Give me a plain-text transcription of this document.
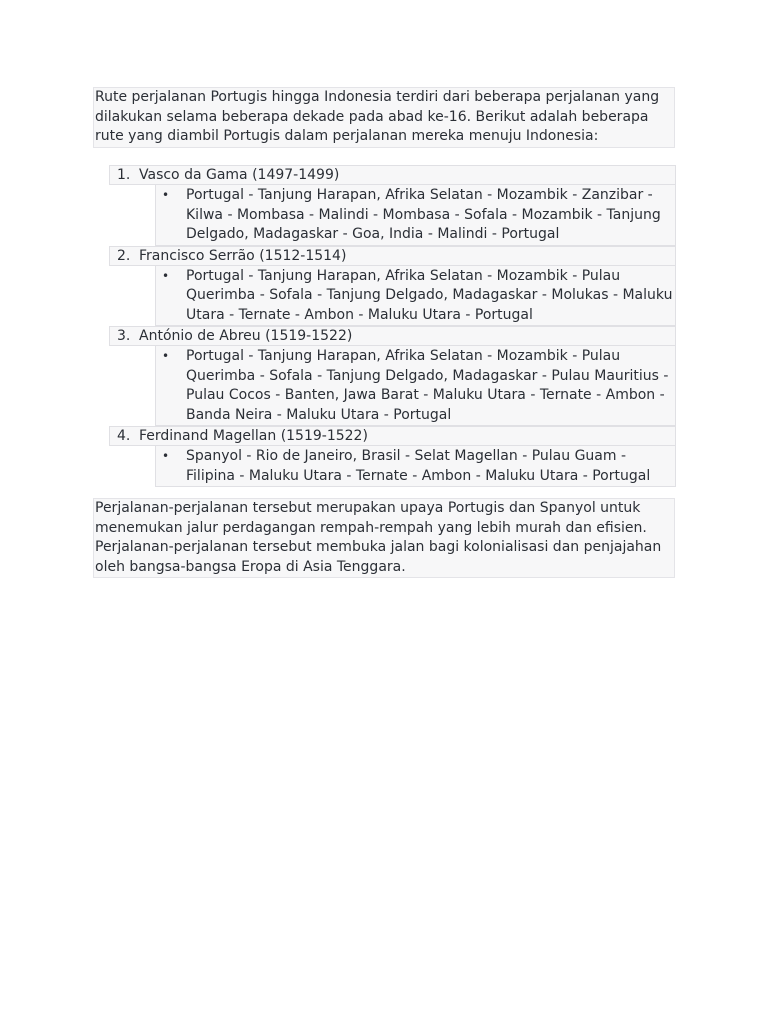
Rute perjalanan Portugis hingga Indonesia terdiri dari beberapa perjalanan yang dilakukan selama beberapa dekade pada abad ke-16. Berikut adalah beberapa rute yang diambil Portugis dalam perjalanan mereka menuju Indonesia:
1. Vasco da Gama (1497-1499)
• Portugal - Tanjung Harapan, Afrika Selatan - Mozambik - Zanzibar - Kilwa - Mombasa - Malindi - Mombasa - Sofala - Mozambik - Tanjung Delgado, Madagaskar - Goa, India - Malindi - Portugal
2. Francisco Serrão (1512-1514)
• Portugal - Tanjung Harapan, Afrika Selatan - Mozambik - Pulau Querimba - Sofala - Tanjung Delgado, Madagaskar - Molukas - Maluku Utara - Ternate - Ambon - Maluku Utara - Portugal
3. António de Abreu (1519-1522)
• Portugal - Tanjung Harapan, Afrika Selatan - Mozambik - Pulau Querimba - Sofala - Tanjung Delgado, Madagaskar - Pulau Mauritius - Pulau Cocos - Banten, Jawa Barat - Maluku Utara - Ternate - Ambon - Banda Neira - Maluku Utara - Portugal
4. Ferdinand Magellan (1519-1522)
• Spanyol - Rio de Janeiro, Brasil - Selat Magellan - Pulau Guam - Filipina - Maluku Utara - Ternate - Ambon - Maluku Utara - Portugal
Perjalanan-perjalanan tersebut merupakan upaya Portugis dan Spanyol untuk menemukan jalur perdagangan rempah-rempah yang lebih murah dan efisien. Perjalanan-perjalanan tersebut membuka jalan bagi kolonialisasi dan penjajahan oleh bangsa-bangsa Eropa di Asia Tenggara.
